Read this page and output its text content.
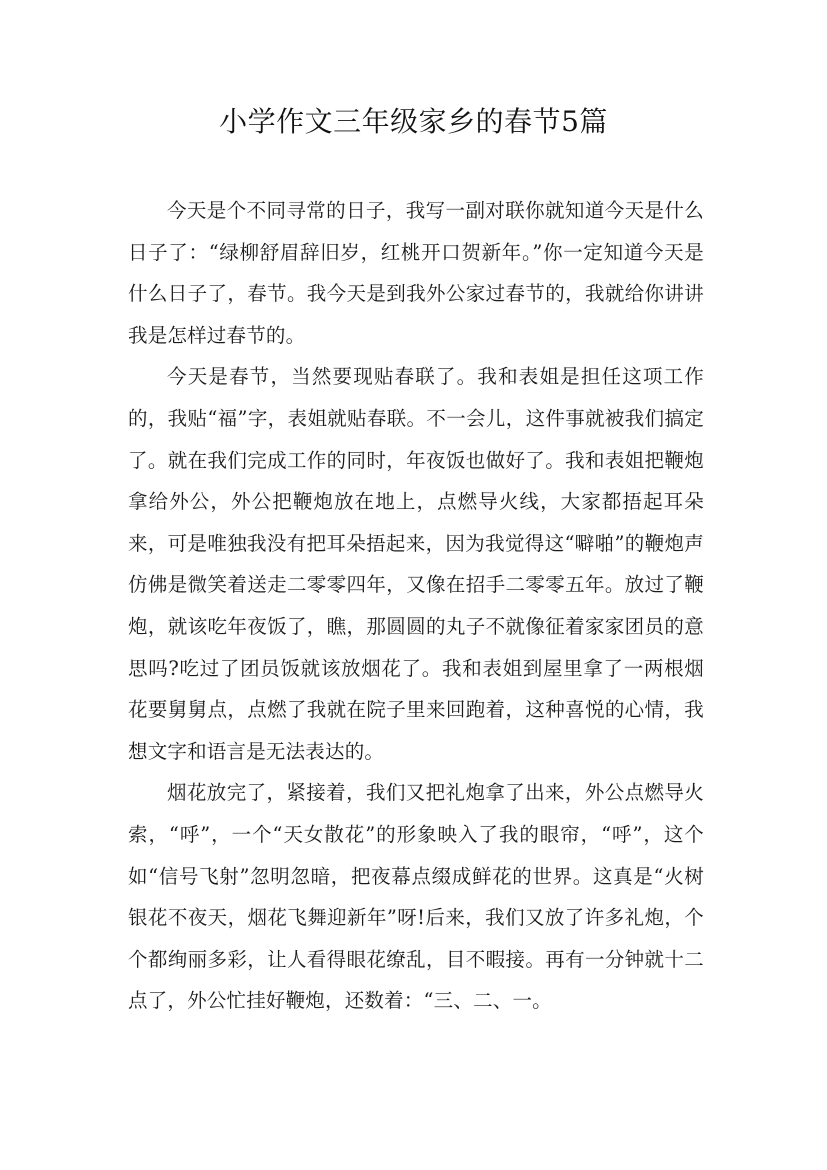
小学作文三年级家乡的春节5篇

今天是个不同寻常的日子，我写一副对联你就知道今天是什么日子了：“绿柳舒眉辞旧岁，红桃开口贺新年。”你一定知道今天是什么日子了，春节。我今天是到我外公家过春节的，我就给你讲讲我是怎样过春节的。

今天是春节，当然要现贴春联了。我和表姐是担任这项工作的，我贴“福”字，表姐就贴春联。不一会儿，这件事就被我们搞定了。就在我们完成工作的同时，年夜饭也做好了。我和表姐把鞭炮拿给外公，外公把鞭炮放在地上，点燃导火线，大家都捂起耳朵来，可是唯独我没有把耳朵捂起来，因为我觉得这“噼啪”的鞭炮声仿佛是微笑着送走二零零四年，又像在招手二零零五年。放过了鞭炮，就该吃年夜饭了，瞧，那圆圆的丸子不就像征着家家团员的意思吗?吃过了团员饭就该放烟花了。我和表姐到屋里拿了一两根烟花要舅舅点，点燃了我就在院子里来回跑着，这种喜悦的心情，我想文字和语言是无法表达的。

烟花放完了，紧接着，我们又把礼炮拿了出来，外公点燃导火索，“呼”，一个“天女散花”的形象映入了我的眼帘，“呼”，这个如“信号飞射”忽明忽暗，把夜幕点缀成鲜花的世界。这真是“火树银花不夜天，烟花飞舞迎新年”呀!后来，我们又放了许多礼炮，个个都绚丽多彩，让人看得眼花缭乱，目不暇接。再有一分钟就十二点了，外公忙挂好鞭炮，还数着：“三、二、一。
